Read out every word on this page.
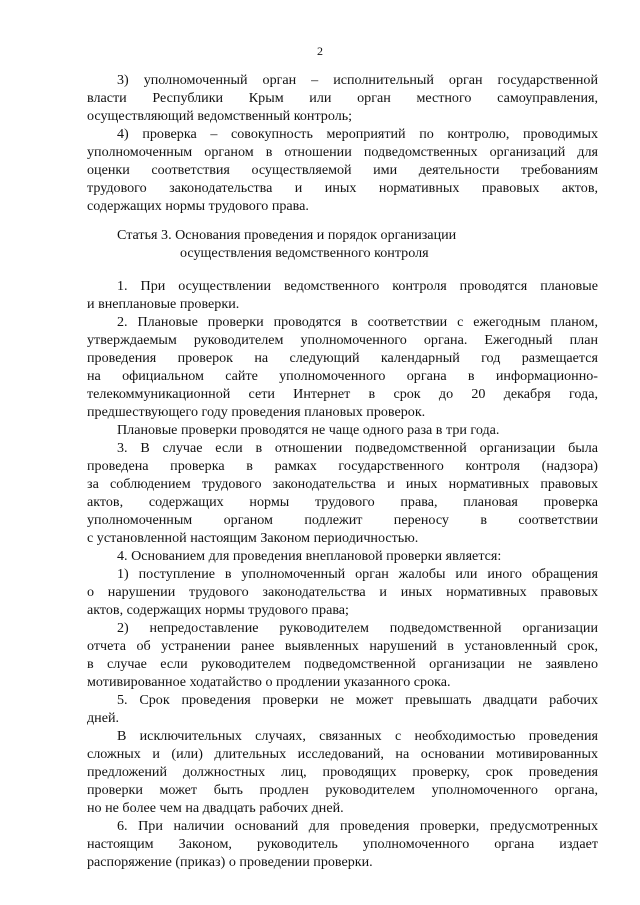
2
3) уполномоченный орган – исполнительный орган государственной
власти Республики Крым или орган местного самоуправления,
осуществляющий ведомственный контроль;
4) проверка – совокупность мероприятий по контролю, проводимых
уполномоченным органом в отношении подведомственных организаций для
оценки соответствия осуществляемой ими деятельности требованиям
трудового законодательства и иных нормативных правовых актов,
содержащих нормы трудового права.
Статья 3. Основания проведения и порядок организации
осуществления ведомственного контроля
1. При осуществлении ведомственного контроля проводятся плановые
и внеплановые проверки.
2. Плановые проверки проводятся в соответствии с ежегодным планом,
утверждаемым руководителем уполномоченного органа. Ежегодный план
проведения проверок на следующий календарный год размещается
на официальном сайте уполномоченного органа в информационно-
телекоммуникационной сети Интернет в срок до 20 декабря года,
предшествующего году проведения плановых проверок.
Плановые проверки проводятся не чаще одного раза в три года.
3. В случае если в отношении подведомственной организации была
проведена проверка в рамках государственного контроля (надзора)
за соблюдением трудового законодательства и иных нормативных правовых
актов, содержащих нормы трудового права, плановая проверка
уполномоченным органом подлежит переносу в соответствии
с установленной настоящим Законом периодичностью.
4. Основанием для проведения внеплановой проверки является:
1) поступление в уполномоченный орган жалобы или иного обращения
о нарушении трудового законодательства и иных нормативных правовых
актов, содержащих нормы трудового права;
2) непредоставление руководителем подведомственной организации
отчета об устранении ранее выявленных нарушений в установленный срок,
в случае если руководителем подведомственной организации не заявлено
мотивированное ходатайство о продлении указанного срока.
5. Срок проведения проверки не может превышать двадцати рабочих
дней.
В исключительных случаях, связанных с необходимостью проведения
сложных и (или) длительных исследований, на основании мотивированных
предложений должностных лиц, проводящих проверку, срок проведения
проверки может быть продлен руководителем уполномоченного органа,
но не более чем на двадцать рабочих дней.
6. При наличии оснований для проведения проверки, предусмотренных
настоящим Законом, руководитель уполномоченного органа издает
распоряжение (приказ) о проведении проверки.
